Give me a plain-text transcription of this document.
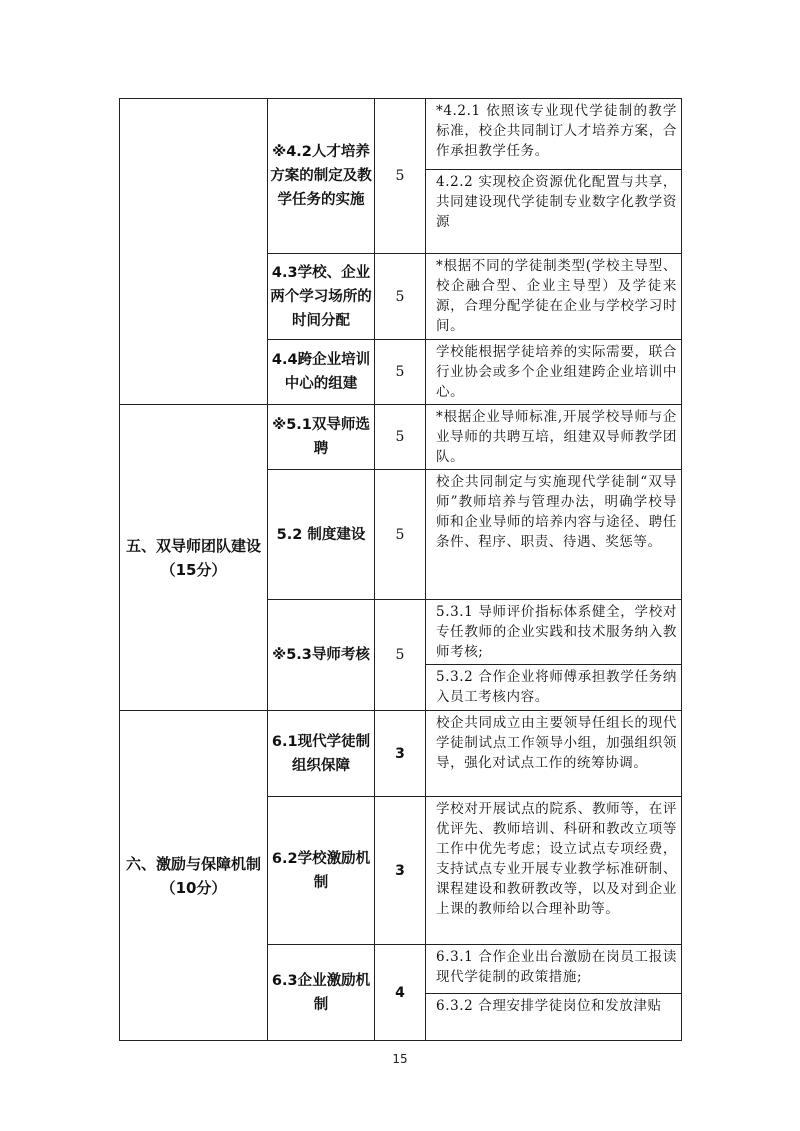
	※4.2人才培养方案的制定及教学任务的实施	5	*4.2.1 依照该专业现代学徒制的教学标准，校企共同制订人才培养方案，合作承担教学任务。
4.2.2 实现校企资源优化配置与共享，共同建设现代学徒制专业数字化教学资源

	4.3学校、企业两个学习场所的时间分配	5	*根据不同的学徒制类型(学校主导型、校企融合型、企业主导型）及学徒来源，合理分配学徒在企业与学校学习时间。

	4.4跨企业培训中心的组建	5	学校能根据学徒培养的实际需要，联合行业协会或多个企业组建跨企业培训中心。

五、双导师团队建设（15分）	※5.1双导师选聘	5	*根据企业导师标准,开展学校导师与企业导师的共聘互培，组建双导师教学团队。

	5.2 制度建设	5	校企共同制定与实施现代学徒制“双导师”教师培养与管理办法，明确学校导师和企业导师的培养内容与途径、聘任条件、程序、职责、待遇、奖惩等。

	※5.3导师考核	5	5.3.1 导师评价指标体系健全，学校对专任教师的企业实践和技术服务纳入教师考核;
5.3.2 合作企业将师傅承担教学任务纳入员工考核内容。

六、激励与保障机制（10分）	6.1现代学徒制组织保障	3	校企共同成立由主要领导任组长的现代学徒制试点工作领导小组，加强组织领导，强化对试点工作的统筹协调。

	6.2学校激励机制	3	学校对开展试点的院系、教师等，在评优评先、教师培训、科研和教改立项等工作中优先考虑；设立试点专项经费，支持试点专业开展专业教学标准研制、课程建设和教研教改等，以及对到企业上课的教师给以合理补助等。

	6.3企业激励机制	4	6.3.1 合作企业出台激励在岗员工报读现代学徒制的政策措施;
6.3.2 合理安排学徒岗位和发放津贴
15
